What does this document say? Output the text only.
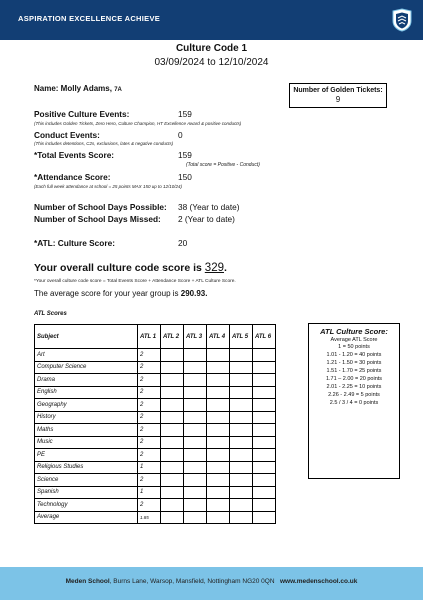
ASPIRATION EXCELLENCE ACHIEVE
Culture Code 1
03/09/2024 to 12/10/2024
Name: Molly Adams, 7A	Number of Golden Tickets:
9
Positive Culture Events:	159
(This includes Golden Tickets, Zero Hero, Culture Champion, HT Excellence Award & positive conducts)
Conduct Events:	0
(This includes detentions, C2s, exclusions, lates & negative conducts)
*Total Events Score:	159
(Total score = Positive - Conduct)
*Attendance Score:	150
(Each full week attendance at school = 25 points MAX 150 up to 12/10/24)
Number of School Days Possible: 38 (Year to date)
Number of School Days Missed: 2 (Year to date)
*ATL: Culture Score:	20
Your overall culture code score is 329.
*Your overall culture code score = Total Events Score + Attendance Score + ATL Culture Score.
The average score for your year group is 290.93.
ATL Scores
Subject	ATL 1	ATL 2	ATL 3	ATL 4	ATL 5	ATL 6
Art	2					
Computer Science	2					
Drama	2					
English	2					
Geography	2					
History	2					
Maths	2					
Music	2					
PE	2					
Religious Studies	1					
Science	2					
Spanish	1					
Technology	2					
Average	1.85					
ATL Culture Score:
Average ATL Score
1 = 50 points
1.01 - 1.20 = 40 points
1.21 - 1.50 = 30 points
1.51 - 1.70 = 25 points
1.71 – 2.00 = 20 points
2.01 - 2.25 = 10 points
2.26 - 2.49 = 5 points
2.5 / 3 / 4 = 0 points
Meden School, Burns Lane, Warsop, Mansfield, Nottingham NG20 0QN www.medenschool.co.uk
